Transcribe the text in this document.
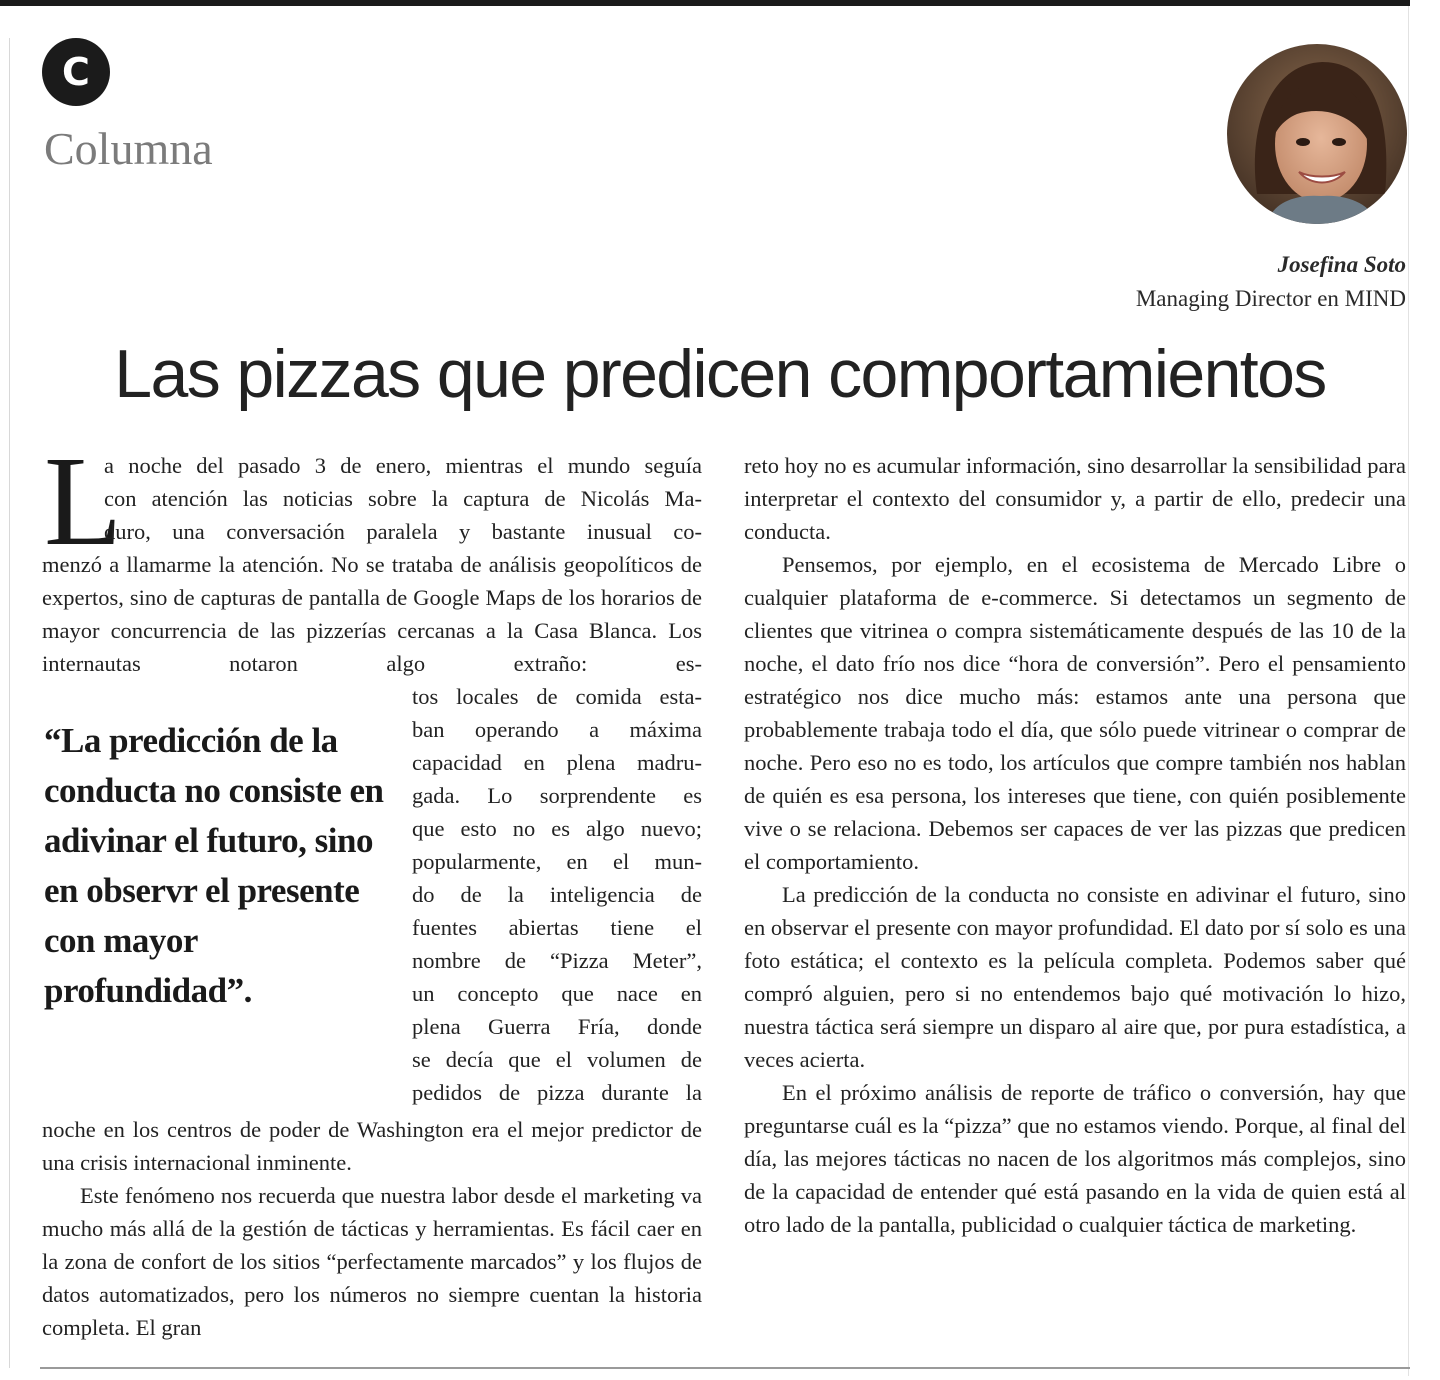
C
Columna
Josefina Soto
Managing Director en MIND
Las pizzas que predicen comportamientos
L

a noche del pasado 3 de enero, mientras el mundo seguía

con atención las noticias sobre la captura de Nicolás Ma-

duro, una conversación paralela y bastante inusual co-

menzó a llamarme la atención. No se trataba de análisis geopolíticos de expertos, sino de capturas de pantalla de Google Maps de los horarios de mayor concurrencia de las pizzerías cercanas a la Casa Blanca. Los internautas notaron algo extraño: es-

“La predicción de la conducta no consiste en adivinar el futuro, sino en observr el presente con mayor profundidad”.

tos locales de comida esta-

ban operando a máxima

capacidad en plena madru-

gada. Lo sorprendente es

que esto no es algo nuevo;

popularmente, en el mun-

do de la inteligencia de

fuentes abiertas tiene el

nombre de “Pizza Meter”,

un concepto que nace en

plena Guerra Fría, donde

se decía que el volumen de

pedidos de pizza durante la

noche en los centros de poder de Washington era el mejor predictor de una crisis internacional inminente.

Este fenómeno nos recuerda que nuestra labor desde el marketing va mucho más allá de la gestión de tácticas y herramientas. Es fácil caer en la zona de confort de los sitios “perfectamente marcados” y los flujos de datos automatizados, pero los números no siempre cuentan la historia completa. El gran

reto hoy no es acumular información, sino desarrollar la sensibilidad para interpretar el contexto del consumidor y, a partir de ello, predecir una conducta.

Pensemos, por ejemplo, en el ecosistema de Mercado Libre o cualquier plataforma de e-commerce. Si detectamos un segmento de clientes que vitrinea o compra sistemáticamente después de las 10 de la noche, el dato frío nos dice “hora de conversión”. Pero el pensamiento estratégico nos dice mucho más: estamos ante una persona que probablemente trabaja todo el día, que sólo puede vitrinear o comprar de noche. Pero eso no es todo, los artículos que compre también nos hablan de quién es esa persona, los intereses que tiene, con quién posiblemente vive o se relaciona. Debemos ser capaces de ver las pizzas que predicen el comportamiento.

La predicción de la conducta no consiste en adivinar el futuro, sino en observar el presente con mayor profundidad. El dato por sí solo es una foto estática; el contexto es la película completa. Podemos saber qué compró alguien, pero si no entendemos bajo qué motivación lo hizo, nuestra táctica será siempre un disparo al aire que, por pura estadística, a veces acierta.

En el próximo análisis de reporte de tráfico o conversión, hay que preguntarse cuál es la “pizza” que no estamos viendo. Porque, al final del día, las mejores tácticas no nacen de los algoritmos más complejos, sino de la capacidad de entender qué está pasando en la vida de quien está al otro lado de la pantalla, publicidad o cualquier táctica de marketing.
